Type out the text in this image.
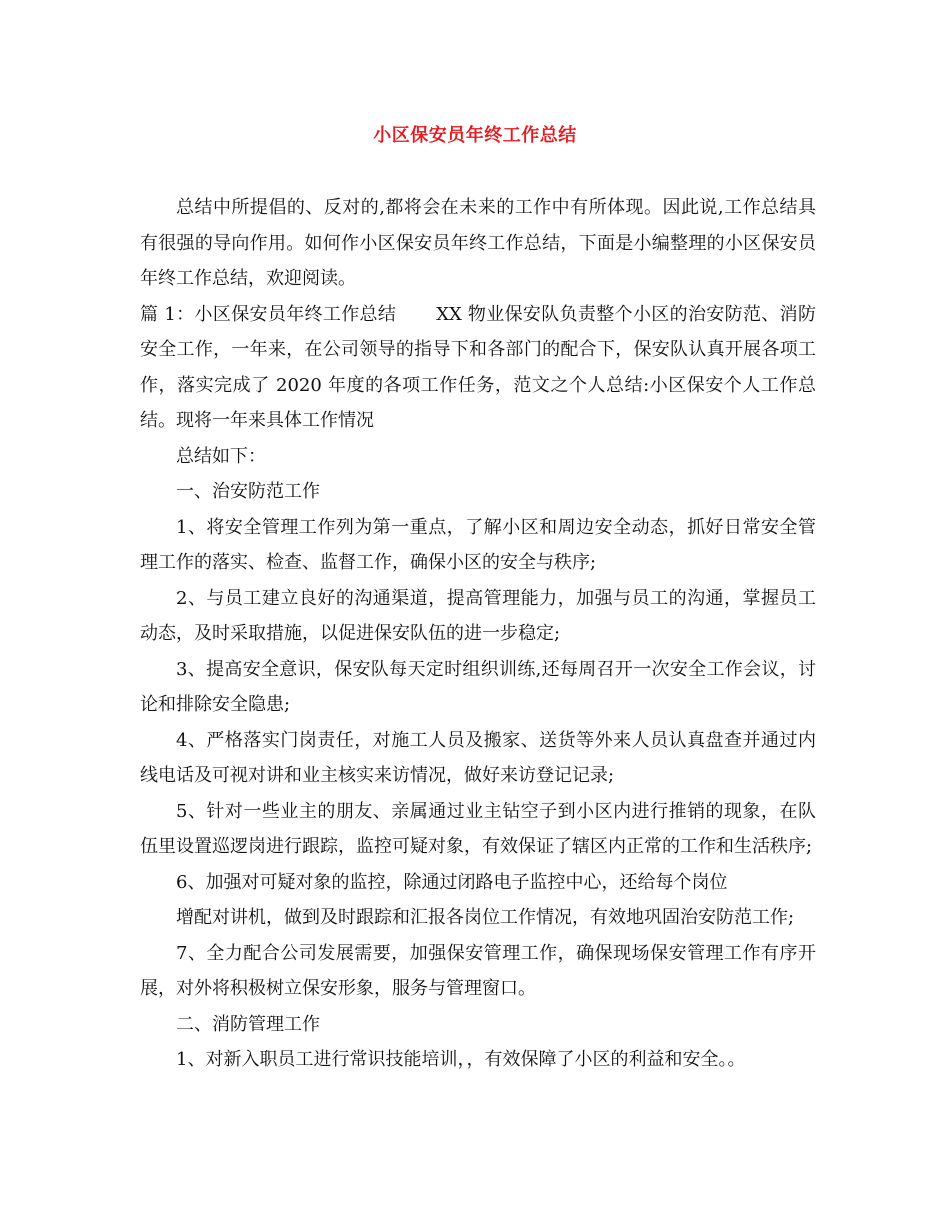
小区保安员年终工作总结

总结中所提倡的、反对的,都将会在未来的工作中有所体现。因此说,工作总结具有很强的导向作用。如何作小区保安员年终工作总结，下面是小编整理的小区保安员年终工作总结，欢迎阅读。

篇 1：小区保安员年终工作总结 XX 物业保安队负责整个小区的治安防范、消防安全工作，一年来，在公司领导的指导下和各部门的配合下，保安队认真开展各项工作，落实完成了 2020 年度的各项工作任务，范文之个人总结:小区保安个人工作总结。现将一年来具体工作情况

总结如下：

一、治安防范工作

1、将安全管理工作列为第一重点，了解小区和周边安全动态，抓好日常安全管理工作的落实、检查、监督工作，确保小区的安全与秩序;

2、与员工建立良好的沟通渠道，提高管理能力，加强与员工的沟通，掌握员工动态，及时采取措施，以促进保安队伍的进一步稳定;

3、提高安全意识，保安队每天定时组织训练,还每周召开一次安全工作会议，讨论和排除安全隐患;

4、严格落实门岗责任，对施工人员及搬家、送货等外来人员认真盘查并通过内线电话及可视对讲和业主核实来访情况，做好来访登记记录;

5、针对一些业主的朋友、亲属通过业主钻空子到小区内进行推销的现象，在队伍里设置巡逻岗进行跟踪，监控可疑对象，有效保证了辖区内正常的工作和生活秩序;

6、加强对可疑对象的监控，除通过闭路电子监控中心，还给每个岗位

增配对讲机，做到及时跟踪和汇报各岗位工作情况，有效地巩固治安防范工作;

7、全力配合公司发展需要，加强保安管理工作，确保现场保安管理工作有序开展，对外将积极树立保安形象，服务与管理窗口。

二、消防管理工作

1、对新入职员工进行常识技能培训，，有效保障了小区的利益和安全。。
